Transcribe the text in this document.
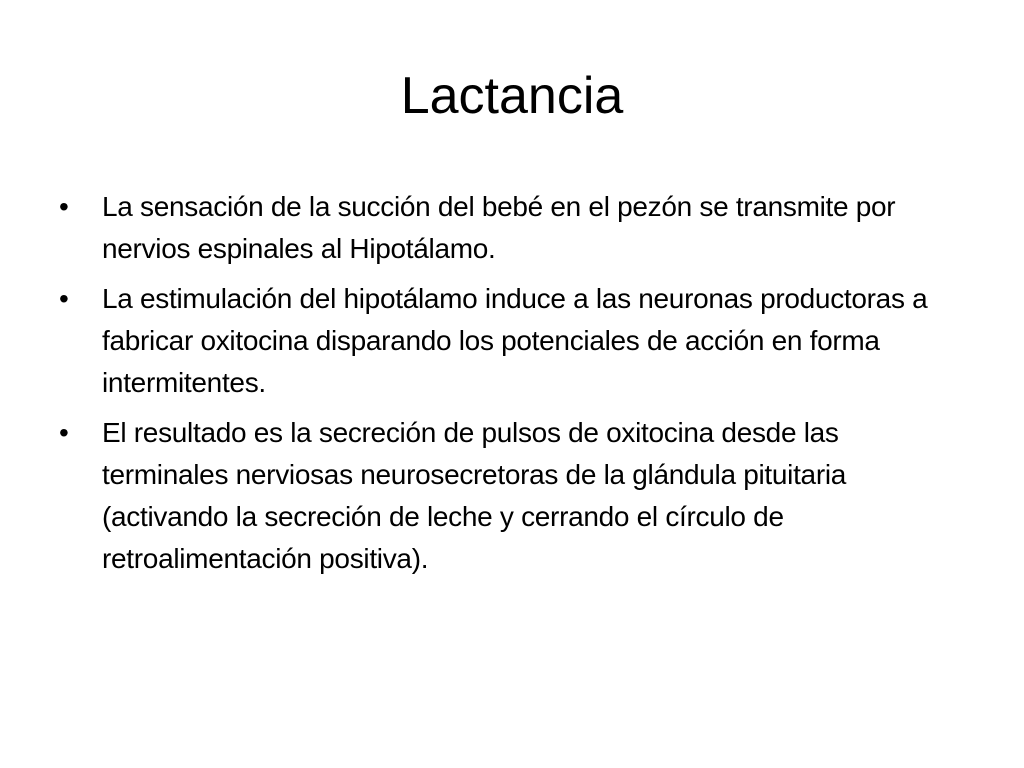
Lactancia
• La sensación de la succión del bebé en el pezón se transmite por nervios espinales al Hipotálamo.
• La estimulación del hipotálamo induce a las neuronas productoras a fabricar oxitocina disparando los potenciales de acción en forma intermitentes.
• El resultado es la secreción de pulsos de oxitocina desde las terminales nerviosas neurosecretoras de la glándula pituitaria (activando la secreción de leche y cerrando el círculo de retroalimentación positiva).
